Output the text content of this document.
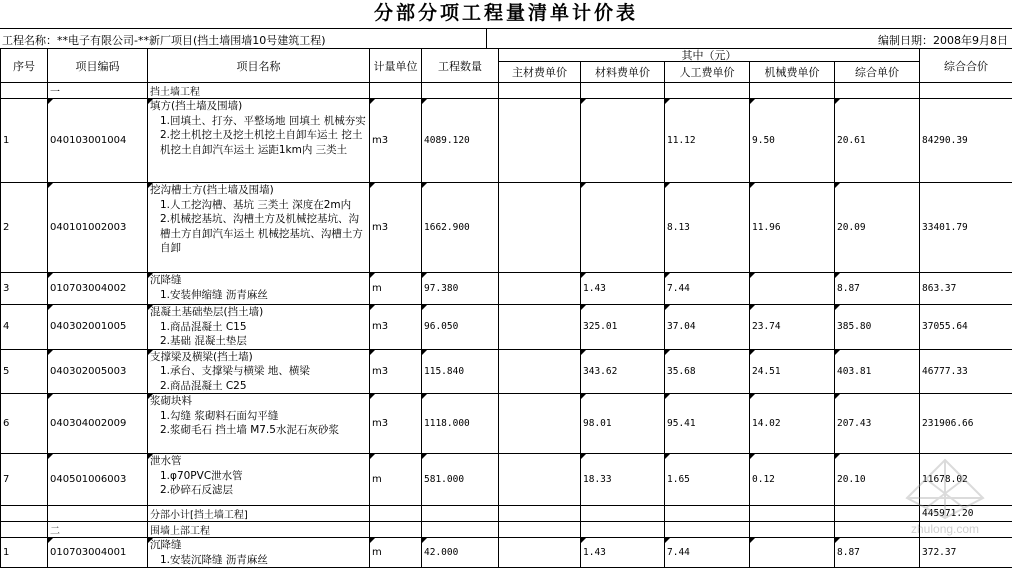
分部分项工程量清单计价表
工程名称：**电子有限公司-**新厂项目(挡土墙围墙10号建筑工程)	编制日期：2008年9月8日
序号	项目编码	项目名称	计量单位	工程数量	其中（元）					综合合价
					主材费单价	材料费单价	人工费单价	机械费单价	综合单价	
	一	挡土墙工程								
1	040103001004	填方(挡土墙及围墙)
1.回填土、打夯、平整场地 回填土 机械夯实
2.挖土机挖土及挖土机挖土自卸车运土 挖土机挖土自卸汽车运土 运距1km内 三类土	m3	4089.120			11.12	9.50	20.61	84290.39
2	040101002003	挖沟槽土方(挡土墙及围墙)
1.人工挖沟槽、基坑 三类土 深度在2m内
2.机械挖基坑、沟槽土方及机械挖基坑、沟槽土方自卸汽车运土 机械挖基坑、沟槽土方自卸	m3	1662.900			8.13	11.96	20.09	33401.79
3	010703004002	沉降缝
1.安装伸缩缝 沥青麻丝	m	97.380		1.43	7.44		8.87	863.37
4	040302001005	混凝土基础垫层(挡土墙)
1.商品混凝土 C15
2.基础 混凝土垫层	m3	96.050		325.01	37.04	23.74	385.80	37055.64
5	040302005003	支撑梁及横梁(挡土墙)
1.承台、支撑梁与横梁 地、横梁
2.商品混凝土 C25	m3	115.840		343.62	35.68	24.51	403.81	46777.33
6	040304002009	浆砌块料
1.勾缝 浆砌料石面勾平缝
2.浆砌毛石 挡土墙 M7.5水泥石灰砂浆	m3	1118.000		98.01	95.41	14.02	207.43	231906.66
7	040501006003	泄水管
1.φ70PVC泄水管
2.砂碎石反滤层	m	581.000		18.33	1.65	0.12	20.10	11678.02
		分部小计[挡土墙工程]								445971.20
	二	围墙上部工程								
1	010703004001	沉降缝
1.安装沉降缝 沥青麻丝	m	42.000		1.43	7.44		8.87	372.37
zhulong.com
